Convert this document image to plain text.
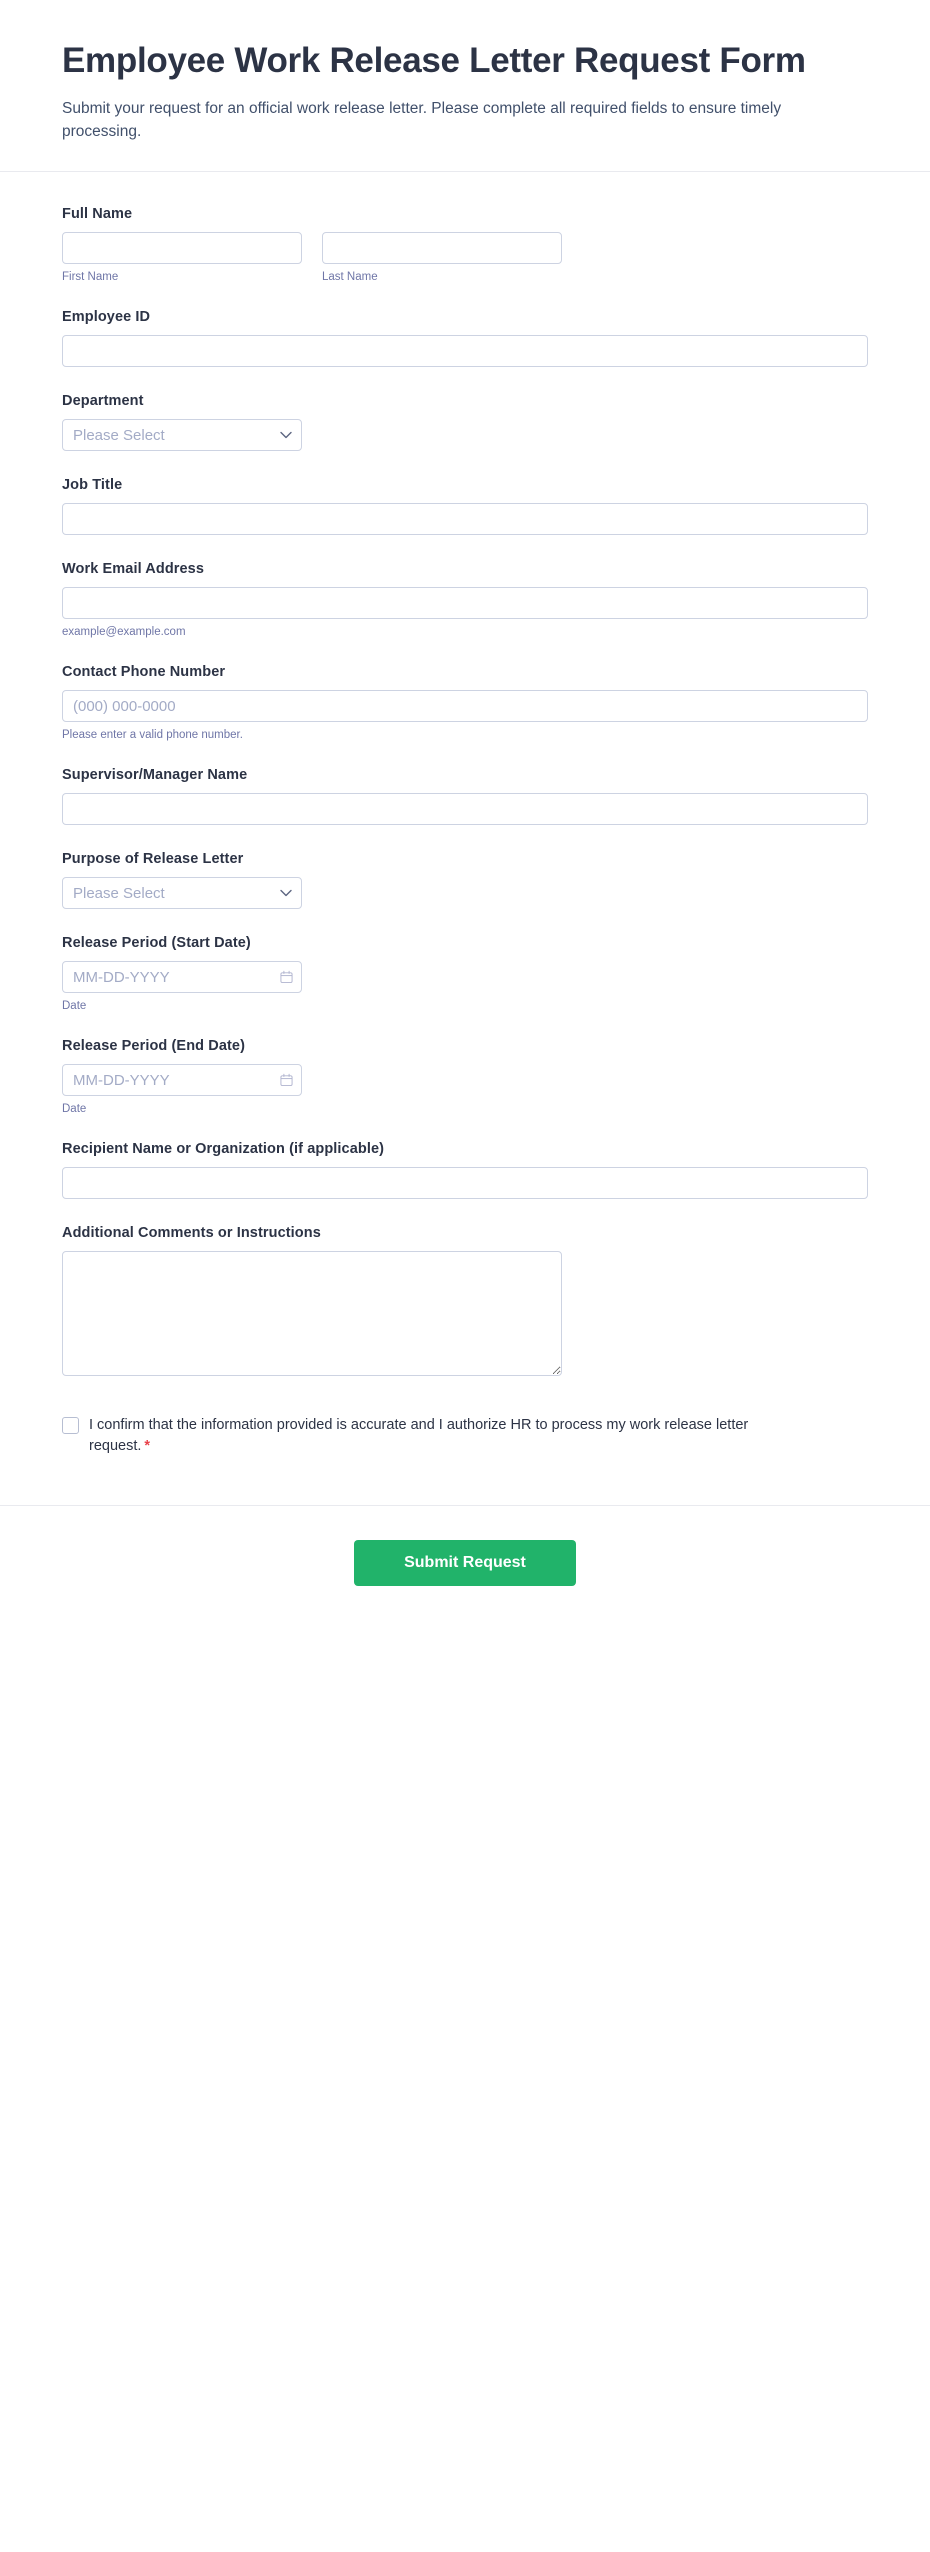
Employee Work Release Letter Request Form

Submit your request for an official work release letter. Please complete all required fields to ensure timely processing.

Full Name
First Name	Last Name
Employee ID
Department
Please Select
Job Title
Work Email Address
example@example.com
Contact Phone Number
(000) 000-0000
Please enter a valid phone number.
Supervisor/Manager Name
Purpose of Release Letter
Please Select
Release Period (Start Date)
MM-DD-YYYY
Date
Release Period (End Date)
MM-DD-YYYY
Date
Recipient Name or Organization (if applicable)
Additional Comments or Instructions
I confirm that the information provided is accurate and I authorize HR to process my work release letter request. *
Submit Request
